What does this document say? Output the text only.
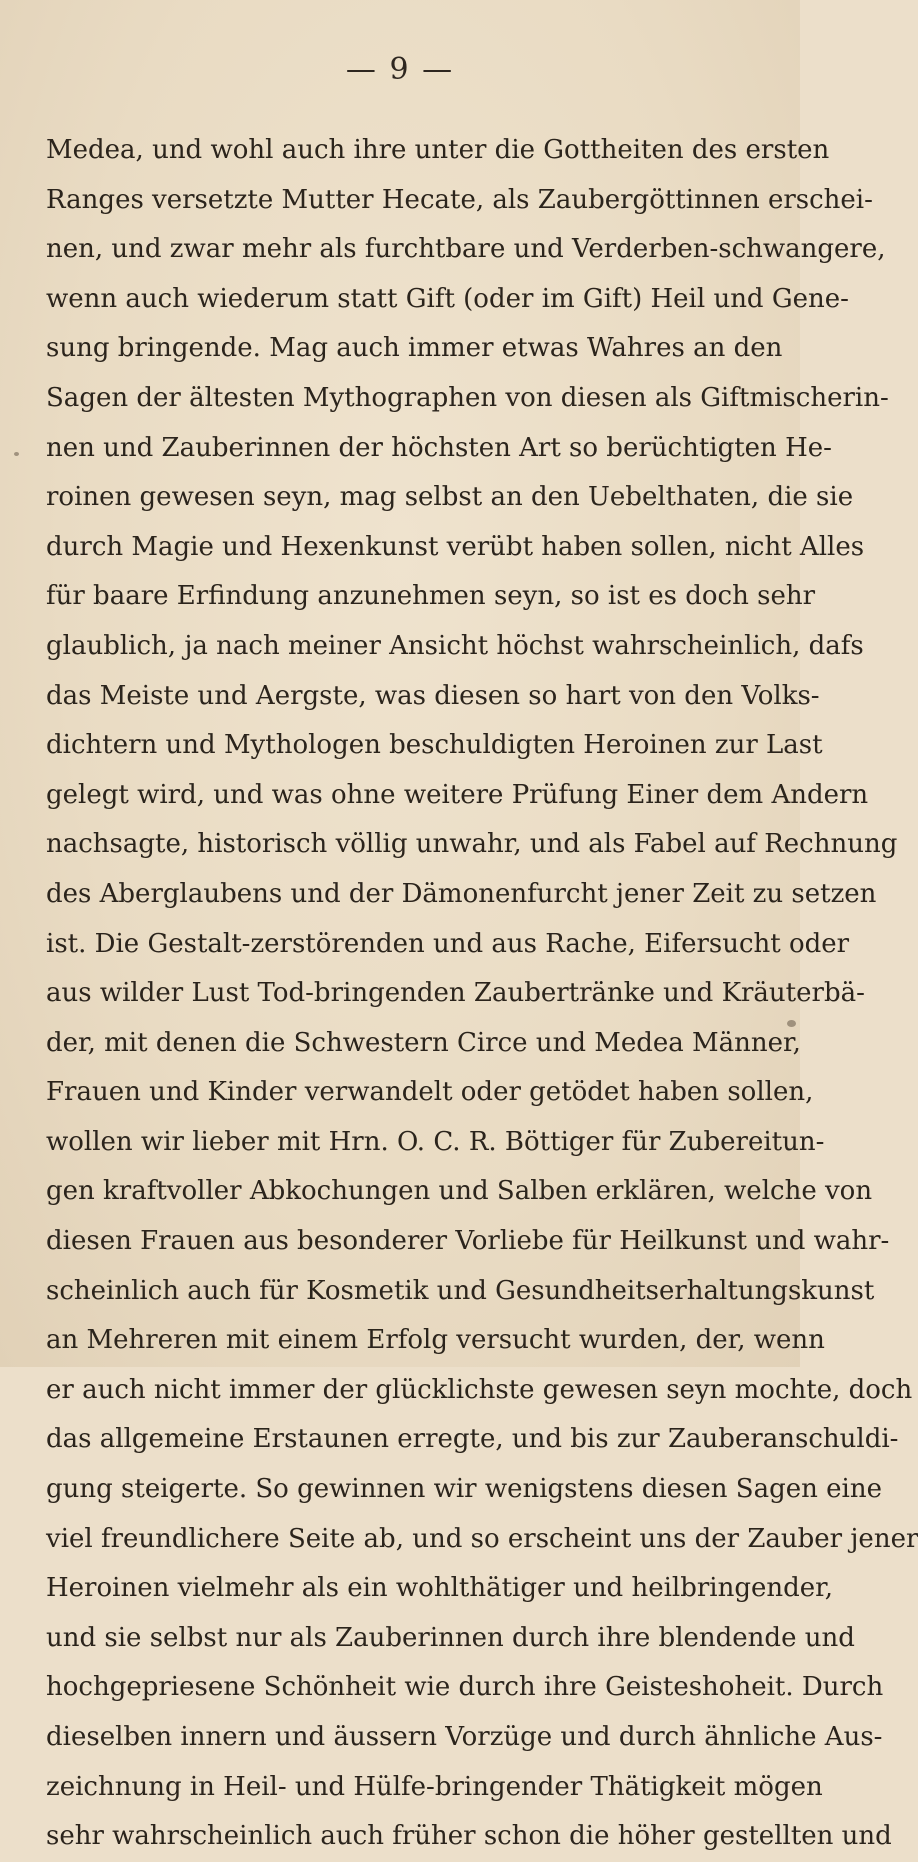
— 9 —
Medea, und wohl auch ihre unter die Gottheiten des ersten
Ranges versetzte Mutter Hecate, als Zaubergöttinnen erschei-
nen, und zwar mehr als furchtbare und Verderben-schwangere,
wenn auch wiederum statt Gift (oder im Gift) Heil und Gene-
sung bringende. Mag auch immer etwas Wahres an den
Sagen der ältesten Mythographen von diesen als Giftmischerin-
nen und Zauberinnen der höchsten Art so berüchtigten He-
roinen gewesen seyn, mag selbst an den Uebelthaten, die sie
durch Magie und Hexenkunst verübt haben sollen, nicht Alles
für baare Erfindung anzunehmen seyn, so ist es doch sehr
glaublich, ja nach meiner Ansicht höchst wahrscheinlich, dafs
das Meiste und Aergste, was diesen so hart von den Volks-
dichtern und Mythologen beschuldigten Heroinen zur Last
gelegt wird, und was ohne weitere Prüfung Einer dem Andern
nachsagte, historisch völlig unwahr, und als Fabel auf Rechnung
des Aberglaubens und der Dämonenfurcht jener Zeit zu setzen
ist. Die Gestalt-zerstörenden und aus Rache, Eifersucht oder
aus wilder Lust Tod-bringenden Zaubertränke und Kräuterbä-
der, mit denen die Schwestern Circe und Medea Männer,
Frauen und Kinder verwandelt oder getödet haben sollen,
wollen wir lieber mit Hrn. O. C. R. Böttiger für Zubereitun-
gen kraftvoller Abkochungen und Salben erklären, welche von
diesen Frauen aus besonderer Vorliebe für Heilkunst und wahr-
scheinlich auch für Kosmetik und Gesundheitserhaltungskunst
an Mehreren mit einem Erfolg versucht wurden, der, wenn
er auch nicht immer der glücklichste gewesen seyn mochte, doch
das allgemeine Erstaunen erregte, und bis zur Zauberanschuldi-
gung steigerte. So gewinnen wir wenigstens diesen Sagen eine
viel freundlichere Seite ab, und so erscheint uns der Zauber jener
Heroinen vielmehr als ein wohlthätiger und heilbringender,
und sie selbst nur als Zauberinnen durch ihre blendende und
hochgepriesene Schönheit wie durch ihre Geisteshoheit. Durch
dieselben innern und äussern Vorzüge und durch ähnliche Aus-
zeichnung in Heil- und Hülfe-bringender Thätigkeit mögen
sehr wahrscheinlich auch früher schon die höher gestellten und
